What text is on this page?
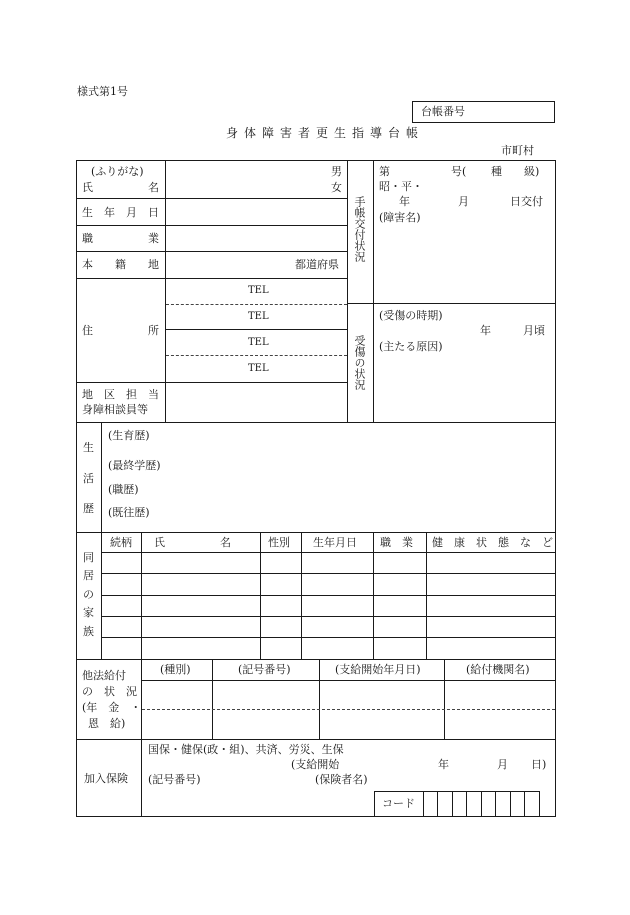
様式第1号
台帳番号
身体障害者更生指導台帳
市町村
(ふりがな)
氏　　　　　名
男
女
生　年　月　日
職　　　　　業
本　　籍　　地	都道府県
住　　　　　所
TEL
TEL
TEL
TEL
地　区　担　当
身障相談員等
手帳交付状況
第	号( 種 級)
昭・平・
年	月	日交付
(障害名)
受傷の状況
(受傷の時期)
年	月頃
(主たる原因)
生
活
歴
(生育歴)
(最終学歴)
(職歴)
(既往歴)
同
居
の
家
族
続柄 氏　　　　　名	性別 生年月日 職　業 健　康　状　態　な　ど
他法給付
の　状　況
(年　金　・
恩　給)
(種別)	(記号番号)	(支給開始年月日)	(給付機関名)
加入保険
国保・健保(政・組)、共済、労災、生保
(支給開始	年	月 日)
(記号番号)	(保険者名)
コード
